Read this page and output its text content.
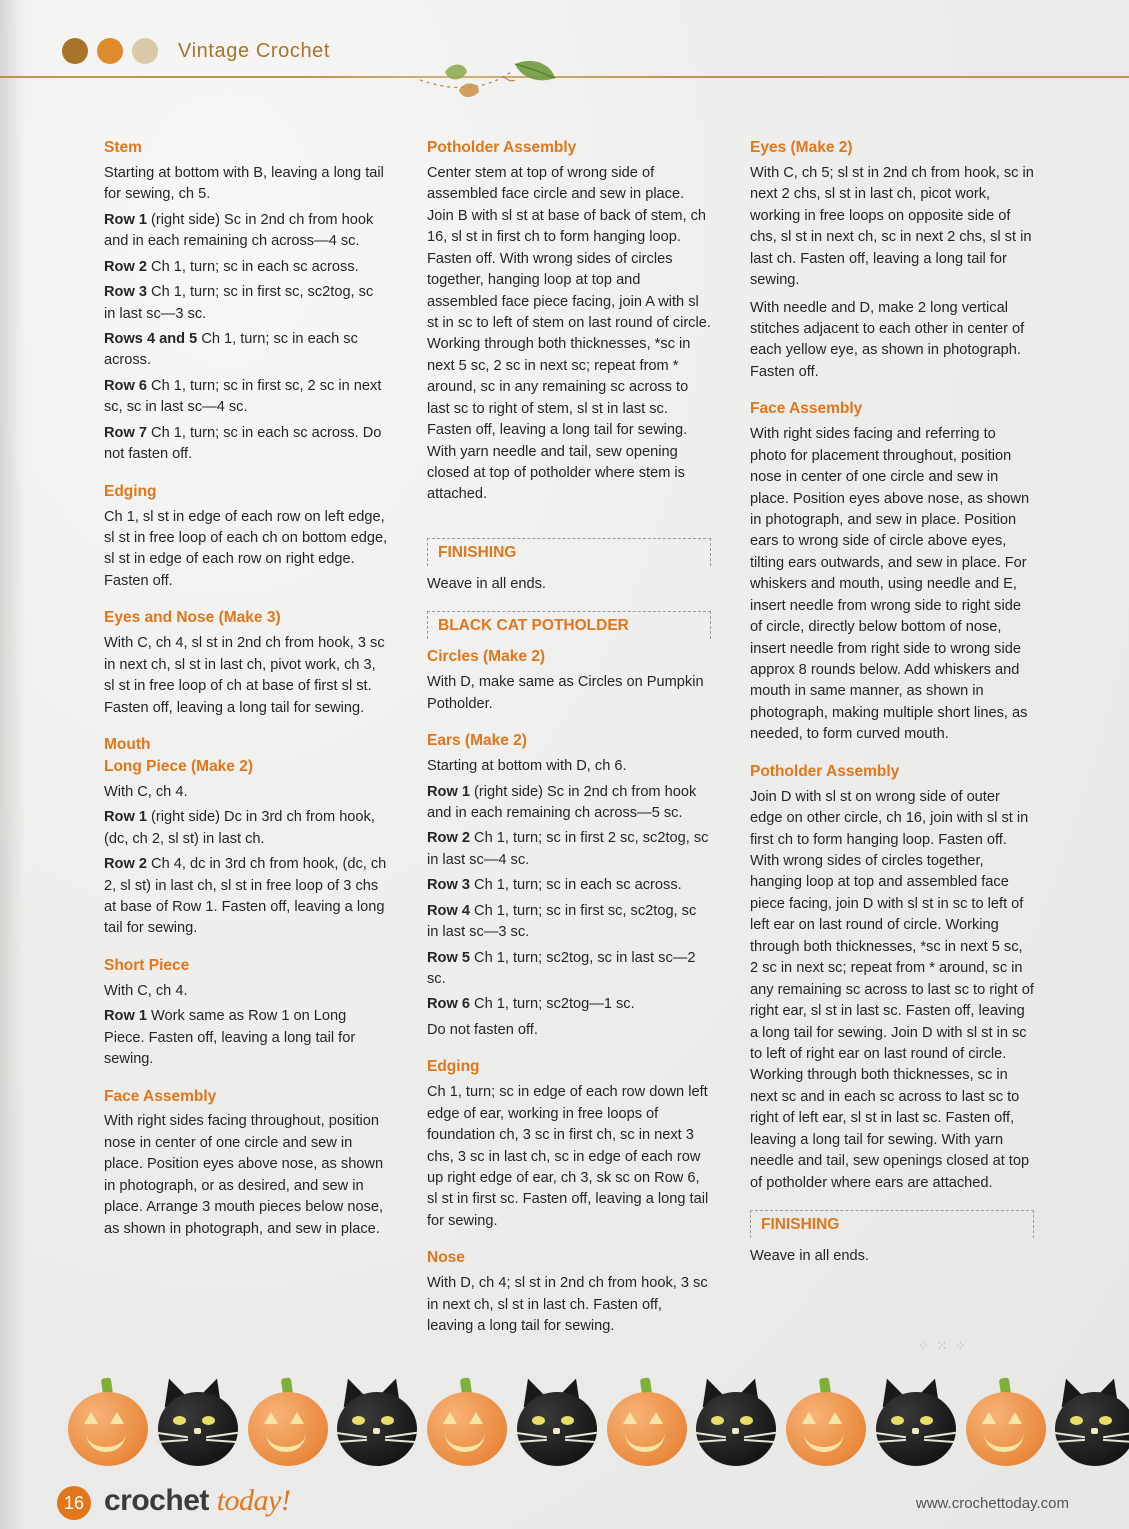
Vintage Crochet
Stem

Starting at bottom with B, leaving a long tail for sewing, ch 5.

Row 1 (right side) Sc in 2nd ch from hook and in each remaining ch across—4 sc.

Row 2 Ch 1, turn; sc in each sc across.

Row 3 Ch 1, turn; sc in first sc, sc2tog, sc in last sc—3 sc.

Rows 4 and 5 Ch 1, turn; sc in each sc across.

Row 6 Ch 1, turn; sc in first sc, 2 sc in next sc, sc in last sc—4 sc.

Row 7 Ch 1, turn; sc in each sc across. Do not fasten off.

Edging

Ch 1, sl st in edge of each row on left edge, sl st in free loop of each ch on bottom edge, sl st in edge of each row on right edge. Fasten off.

Eyes and Nose (Make 3)

With C, ch 4, sl st in 2nd ch from hook, 3 sc in next ch, sl st in last ch, pivot work, ch 3, sl st in free loop of ch at base of first sl st. Fasten off, leaving a long tail for sewing.

Mouth
Long Piece (Make 2)

With C, ch 4.

Row 1 (right side) Dc in 3rd ch from hook, (dc, ch 2, sl st) in last ch.

Row 2 Ch 4, dc in 3rd ch from hook, (dc, ch 2, sl st) in last ch, sl st in free loop of 3 chs at base of Row 1. Fasten off, leaving a long tail for sewing.

Short Piece

With C, ch 4.

Row 1 Work same as Row 1 on Long Piece. Fasten off, leaving a long tail for sewing.

Face Assembly

With right sides facing throughout, position nose in center of one circle and sew in place. Position eyes above nose, as shown in photograph, or as desired, and sew in place. Arrange 3 mouth pieces below nose, as shown in photograph, and sew in place.

Potholder Assembly

Center stem at top of wrong side of assembled face circle and sew in place. Join B with sl st at base of back of stem, ch 16, sl st in first ch to form hanging loop. Fasten off. With wrong sides of circles together, hanging loop at top and assembled face piece facing, join A with sl st in sc to left of stem on last round of circle. Working through both thicknesses, *sc in next 5 sc, 2 sc in next sc; repeat from * around, sc in any remaining sc across to last sc to right of stem, sl st in last sc. Fasten off, leaving a long tail for sewing. With yarn needle and tail, sew opening closed at top of potholder where stem is attached.

FINISHING

Weave in all ends.

BLACK CAT POTHOLDER
Circles (Make 2)

With D, make same as Circles on Pumpkin Potholder.

Ears (Make 2)

Starting at bottom with D, ch 6.

Row 1 (right side) Sc in 2nd ch from hook and in each remaining ch across—5 sc.

Row 2 Ch 1, turn; sc in first 2 sc, sc2tog, sc in last sc—4 sc.

Row 3 Ch 1, turn; sc in each sc across.

Row 4 Ch 1, turn; sc in first sc, sc2tog, sc in last sc—3 sc.

Row 5 Ch 1, turn; sc2tog, sc in last sc—2 sc.

Row 6 Ch 1, turn; sc2tog—1 sc.

Do not fasten off.

Edging

Ch 1, turn; sc in edge of each row down left edge of ear, working in free loops of foundation ch, 3 sc in first ch, sc in next 3 chs, 3 sc in last ch, sc in edge of each row up right edge of ear, ch 3, sk sc on Row 6, sl st in first sc. Fasten off, leaving a long tail for sewing.

Nose

With D, ch 4; sl st in 2nd ch from hook, 3 sc in next ch, sl st in last ch. Fasten off, leaving a long tail for sewing.

Eyes (Make 2)

With C, ch 5; sl st in 2nd ch from hook, sc in next 2 chs, sl st in last ch, picot work, working in free loops on opposite side of chs, sl st in next ch, sc in next 2 chs, sl st in last ch. Fasten off, leaving a long tail for sewing.

With needle and D, make 2 long vertical stitches adjacent to each other in center of each yellow eye, as shown in photograph. Fasten off.

Face Assembly

With right sides facing and referring to photo for placement throughout, position nose in center of one circle and sew in place. Position eyes above nose, as shown in photograph, and sew in place. Position ears to wrong side of circle above eyes, tilting ears outwards, and sew in place. For whiskers and mouth, using needle and E, insert needle from wrong side to right side of circle, directly below bottom of nose, insert needle from right side to wrong side approx 8 rounds below. Add whiskers and mouth in same manner, as shown in photograph, making multiple short lines, as needed, to form curved mouth.

Potholder Assembly

Join D with sl st on wrong side of outer edge on other circle, ch 16, join with sl st in first ch to form hanging loop. Fasten off. With wrong sides of circles together, hanging loop at top and assembled face piece facing, join D with sl st in sc to left of left ear on last round of circle. Working through both thicknesses, *sc in next 5 sc, 2 sc in next sc; repeat from * around, sc in any remaining sc across to last sc to right of right ear, sl st in last sc. Fasten off, leaving a long tail for sewing. Join D with sl st in sc to left of right ear on last round of circle. Working through both thicknesses, sc in next sc and in each sc across to last sc to right of left ear, sl st in last sc. Fasten off, leaving a long tail for sewing. With yarn needle and tail, sew openings closed at top of potholder where ears are attached.

FINISHING

Weave in all ends.

⁘ ⁙ ⁘
16 crochet today!	www.crochettoday.com
